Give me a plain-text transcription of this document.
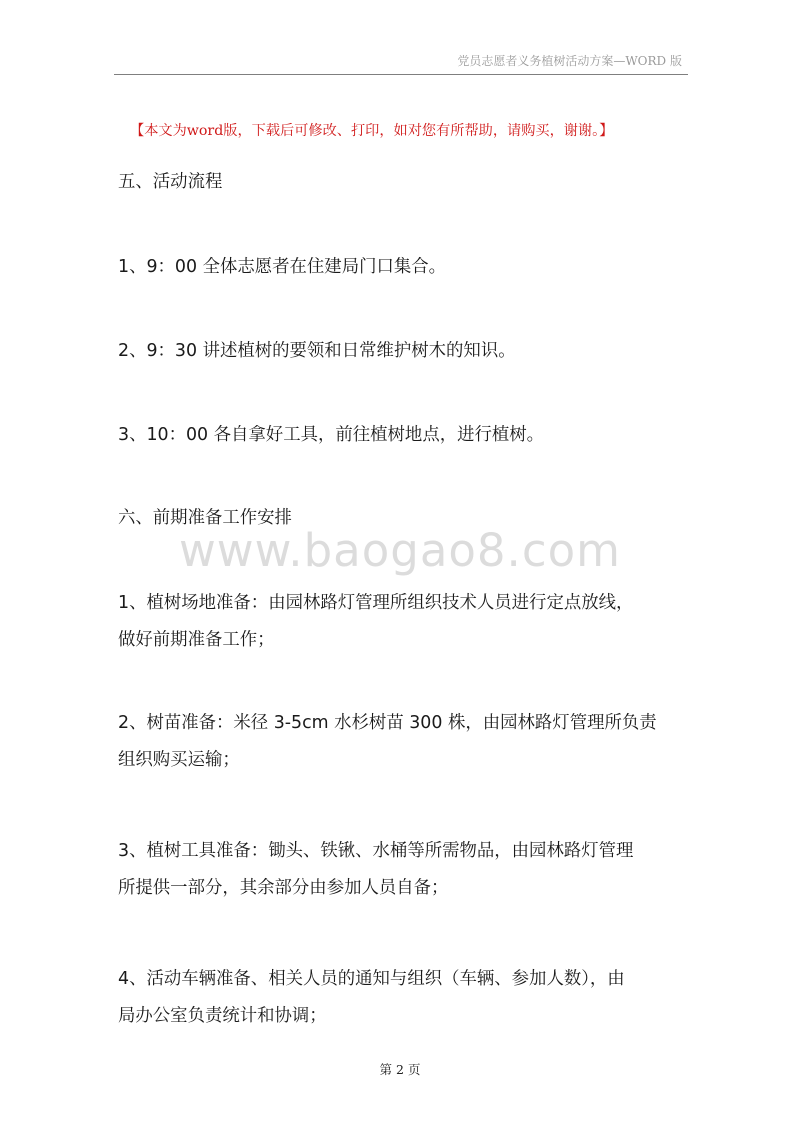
党员志愿者义务植树活动方案—WORD 版
【本文为word版，下载后可修改、打印，如对您有所帮助，请购买，谢谢。】
五、活动流程
1、9：00 全体志愿者在住建局门口集合。
2、9：30 讲述植树的要领和日常维护树木的知识。
3、10：00 各自拿好工具，前往植树地点，进行植树。
六、前期准备工作安排
www.baogao8.com
1、植树场地准备：由园林路灯管理所组织技术人员进行定点放线，
做好前期准备工作；
2、树苗准备：米径 3-5cm 水杉树苗 300 株，由园林路灯管理所负责
组织购买运输；
3、植树工具准备：锄头、铁锹、水桶等所需物品，由园林路灯管理
所提供一部分，其余部分由参加人员自备；
4、活动车辆准备、相关人员的通知与组织（车辆、参加人数），由
局办公室负责统计和协调；
第 2 页
